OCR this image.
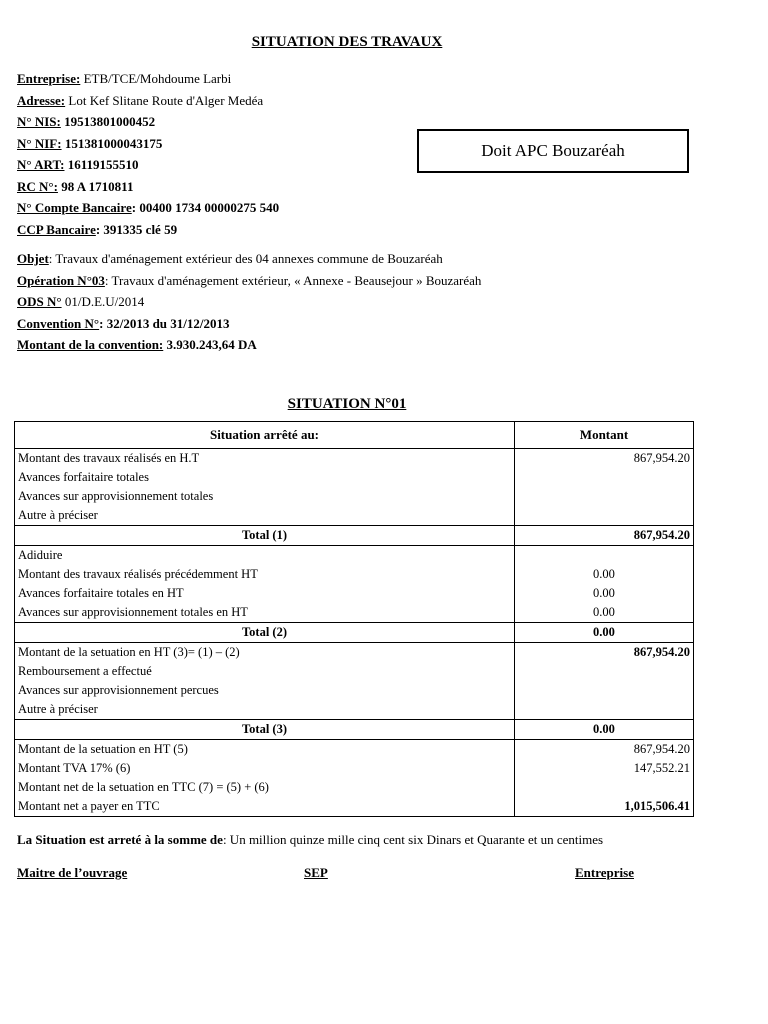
SITUATION DES TRAVAUX
Entreprise: ETB/TCE/Mohdoume Larbi
Adresse: Lot Kef Slitane Route d'Alger Medéa
N° NIS: 19513801000452
N° NIF: 151381000043175
N° ART: 16119155510
RC N°: 98 A 1710811
N° Compte Bancaire: 00400 1734 00000275 540
CCP Bancaire: 391335 clé 59
Doit APC Bouzaréah
Objet: Travaux d'aménagement extérieur des 04 annexes commune de Bouzaréah
Opération N°03: Travaux d'aménagement extérieur, « Annexe - Beausejour » Bouzaréah
ODS N° 01/D.E.U/2014
Convention N°: 32/2013 du 31/12/2013
Montant de la convention: 3.930.243,64 DA
SITUATION N°01
Situation arrêté au:	Montant
Montant des travaux réalisés en H.T	867,954.20
Avances forfaitaire totales	
Avances sur approvisionnement totales	
Autre à préciser	
Total (1)	867,954.20
Adiduire	
Montant des travaux réalisés précédemment HT	0.00
Avances forfaitaire totales en HT	0.00
Avances sur approvisionnement totales en HT	0.00
Total (2)	0.00
Montant de la setuation en HT (3)= (1) – (2)	867,954.20
Remboursement a effectué	
Avances sur approvisionnement percues	
Autre à préciser	
Total (3)	0.00
Montant de la setuation en HT (5)	867,954.20
Montant TVA 17% (6)	147,552.21
Montant net de la setuation en TTC (7) = (5) + (6)	
Montant net a payer en TTC	1,015,506.41
La Situation est arreté à la somme de: Un million quinze mille cinq cent six Dinars et Quarante et un centimes
Maitre de l’ouvrage	SEP	Entreprise
